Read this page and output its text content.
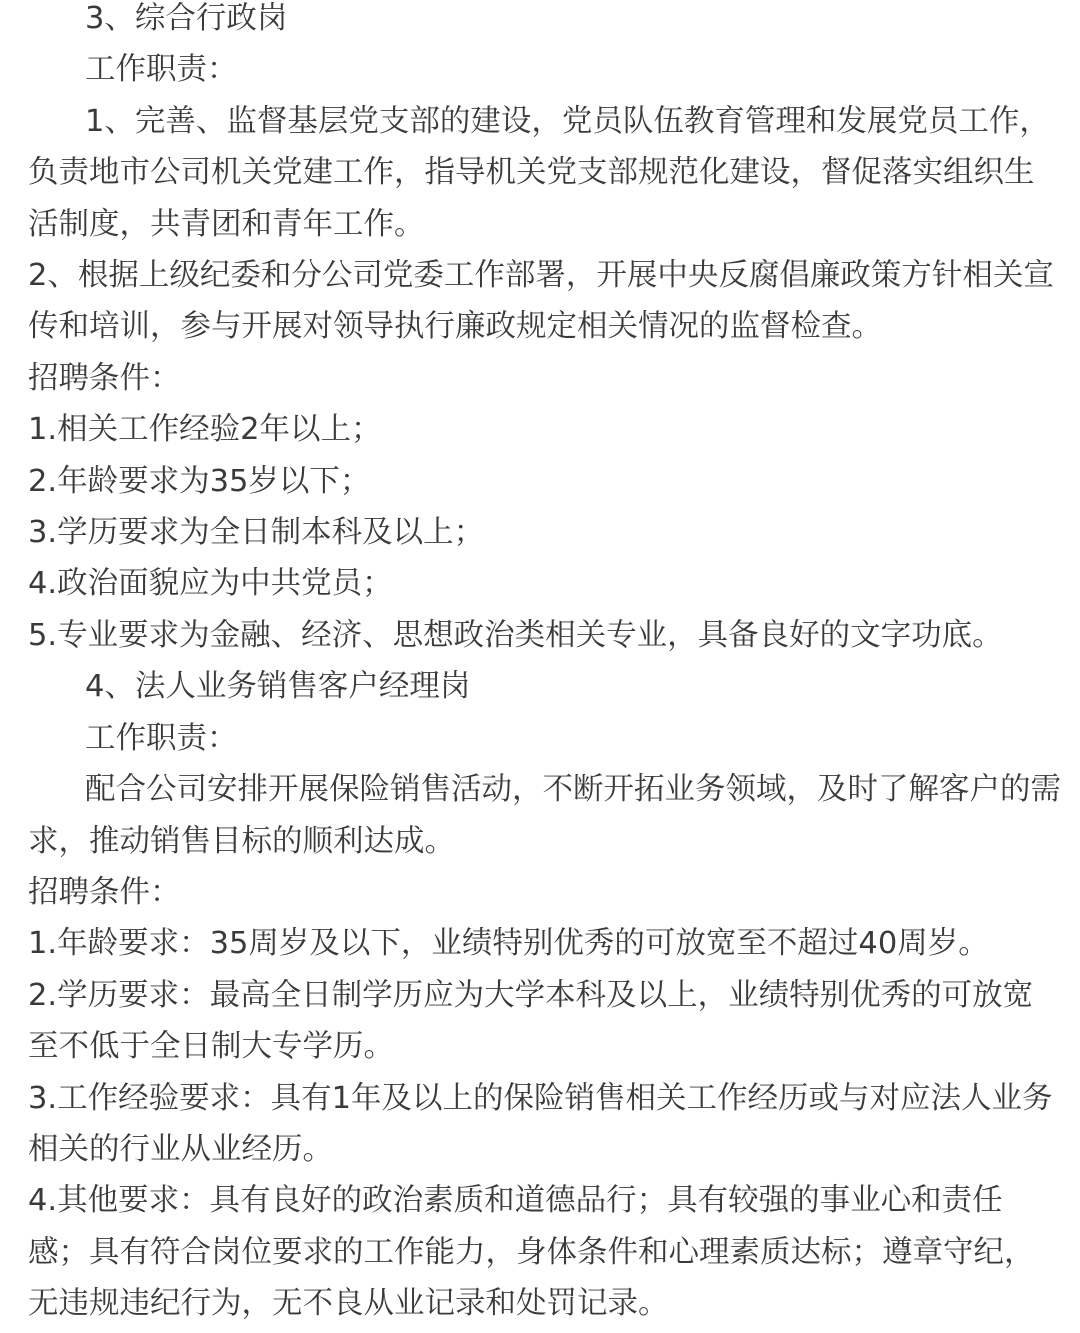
3、综合行政岗

工作职责：

1、完善、监督基层党支部的建设，党员队伍教育管理和发展党员工作，负责地市公司机关党建工作，指导机关党支部规范化建设，督促落实组织生活制度，共青团和青年工作。

2、根据上级纪委和分公司党委工作部署，开展中央反腐倡廉政策方针相关宣传和培训，参与开展对领导执行廉政规定相关情况的监督检查。

招聘条件：

1.相关工作经验2年以上；

2.年龄要求为35岁以下；

3.学历要求为全日制本科及以上；

4.政治面貌应为中共党员；

5.专业要求为金融、经济、思想政治类相关专业，具备良好的文字功底。

4、法人业务销售客户经理岗

工作职责：

配合公司安排开展保险销售活动，不断开拓业务领域，及时了解客户的需求，推动销售目标的顺利达成。

招聘条件：

1.年龄要求：35周岁及以下，业绩特别优秀的可放宽至不超过40周岁。

2.学历要求：最高全日制学历应为大学本科及以上，业绩特别优秀的可放宽至不低于全日制大专学历。

3.工作经验要求：具有1年及以上的保险销售相关工作经历或与对应法人业务相关的行业从业经历。

4.其他要求：具有良好的政治素质和道德品行；具有较强的事业心和责任感；具有符合岗位要求的工作能力，身体条件和心理素质达标；遵章守纪，无违规违纪行为，无不良从业记录和处罚记录。
